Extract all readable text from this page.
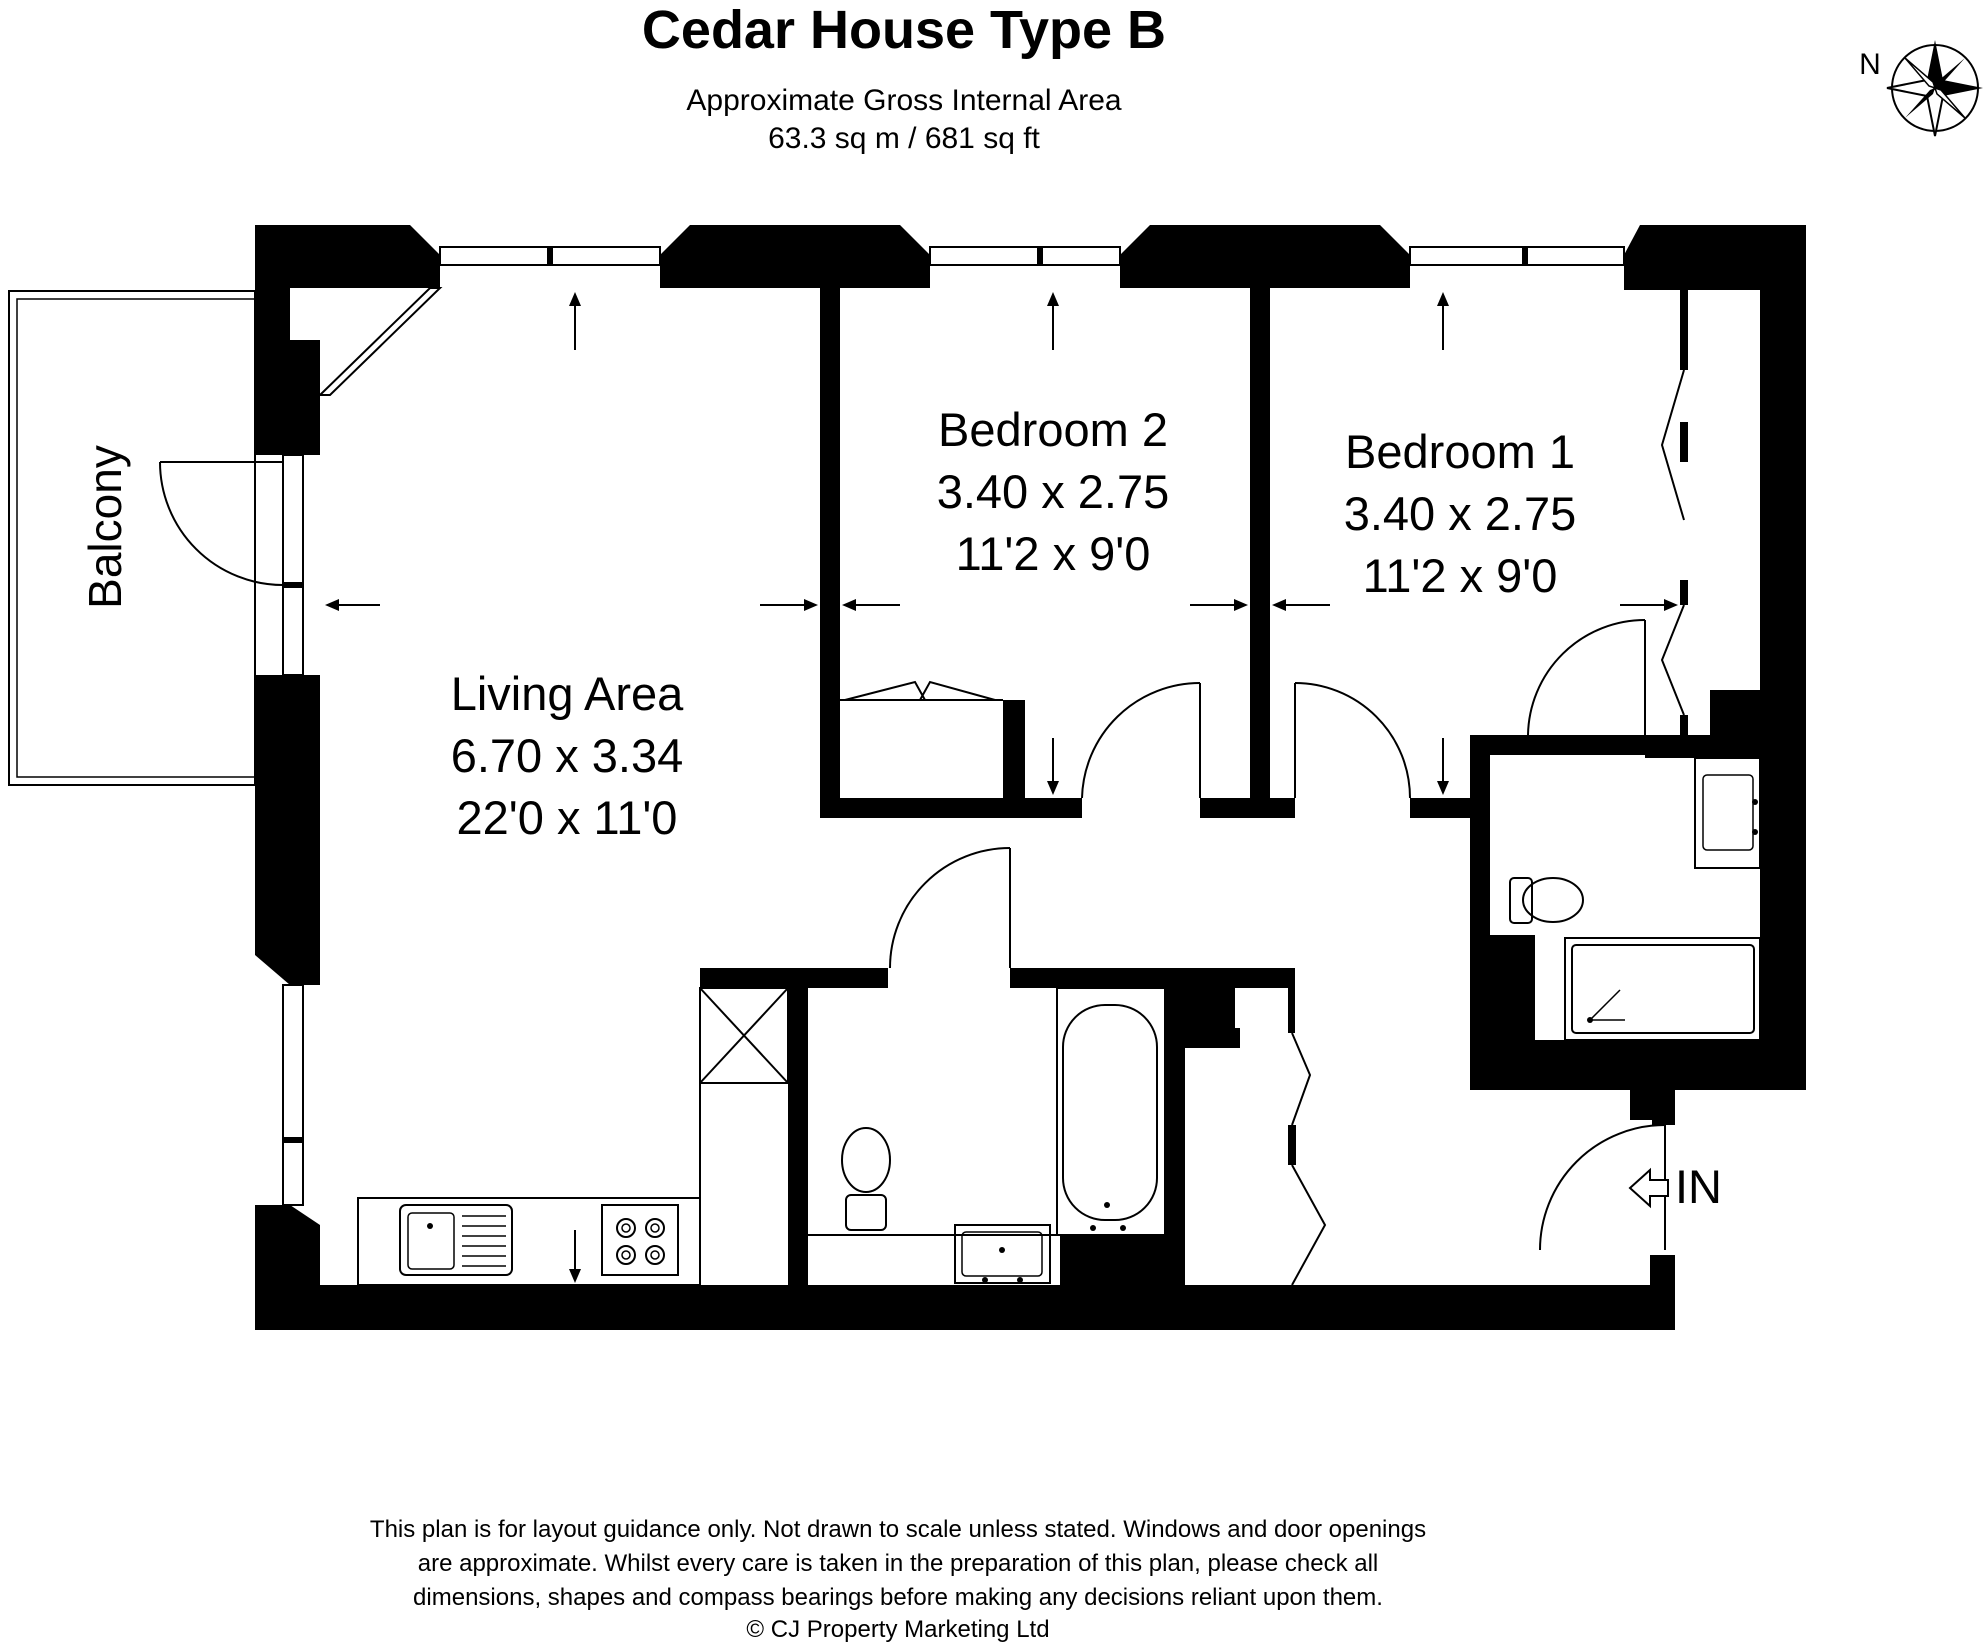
Cedar House Type B
Approximate Gross Internal Area
63.3 sq m / 681 sq ft
N
Balcony
IN
Living Area
6.70 x 3.34
22'0 x 11'0
Bedroom 2
3.40 x 2.75
11'2 x 9'0
Bedroom 1
3.40 x 2.75
11'2 x 9'0
This plan is for layout guidance only. Not drawn to scale unless stated. Windows and door openings
are approximate. Whilst every care is taken in the preparation of this plan, please check all
dimensions, shapes and compass bearings before making any decisions reliant upon them.
© CJ Property Marketing Ltd
